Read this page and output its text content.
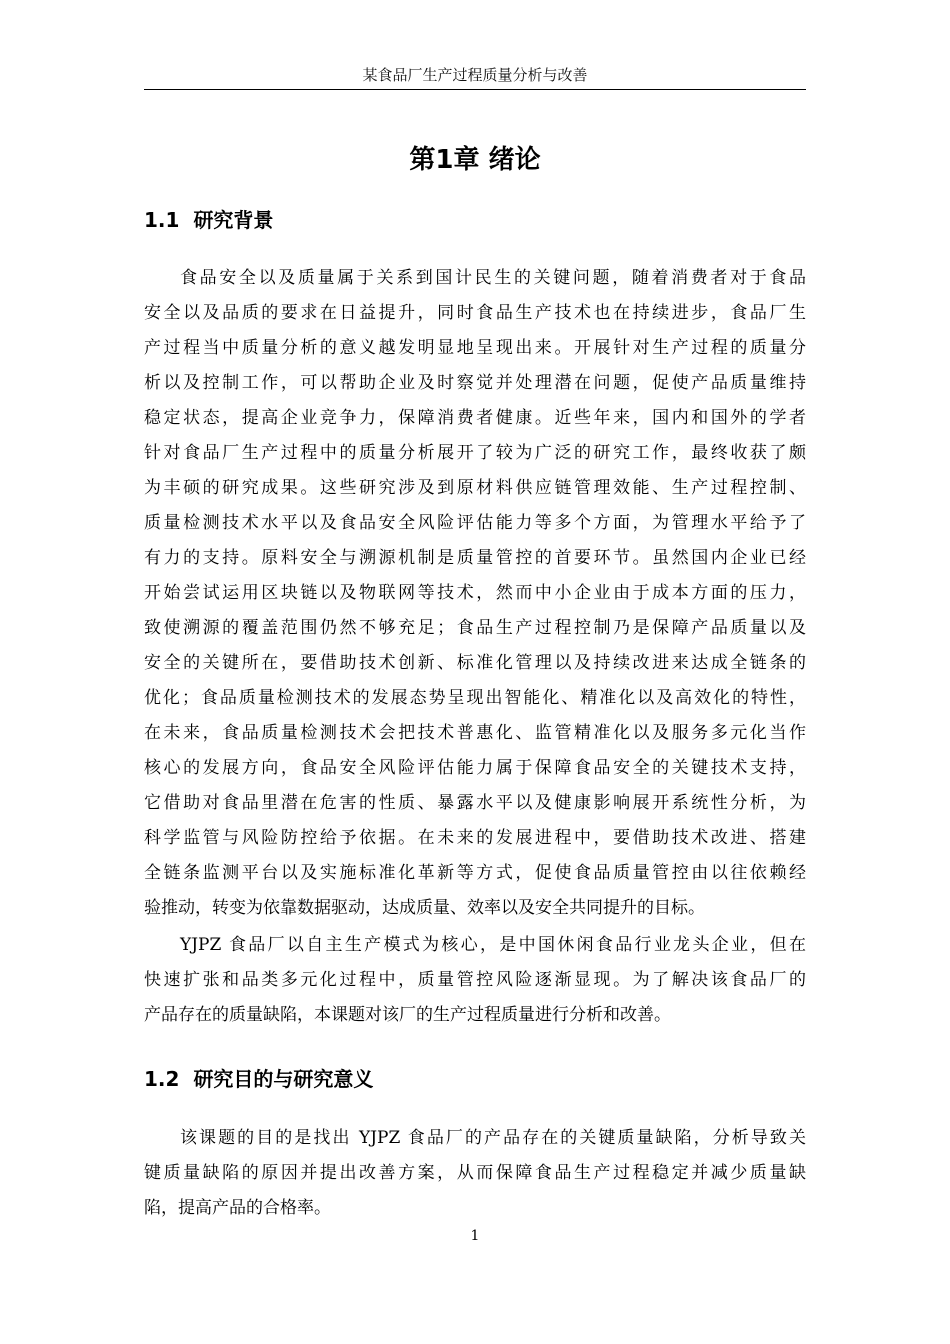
某食品厂生产过程质量分析与改善
第1章 绪论
1.1 研究背景
食品安全以及质量属于关系到国计民生的关键问题，随着消费者对于食品
安全以及品质的要求在日益提升，同时食品生产技术也在持续进步，食品厂生
产过程当中质量分析的意义越发明显地呈现出来。开展针对生产过程的质量分
析以及控制工作，可以帮助企业及时察觉并处理潜在问题，促使产品质量维持
稳定状态，提高企业竞争力，保障消费者健康。近些年来，国内和国外的学者
针对食品厂生产过程中的质量分析展开了较为广泛的研究工作，最终收获了颇
为丰硕的研究成果。这些研究涉及到原材料供应链管理效能、生产过程控制、
质量检测技术水平以及食品安全风险评估能力等多个方面，为管理水平给予了
有力的支持。原料安全与溯源机制是质量管控的首要环节。虽然国内企业已经
开始尝试运用区块链以及物联网等技术，然而中小企业由于成本方面的压力，
致使溯源的覆盖范围仍然不够充足；食品生产过程控制乃是保障产品质量以及
安全的关键所在，要借助技术创新、标准化管理以及持续改进来达成全链条的
优化；食品质量检测技术的发展态势呈现出智能化、精准化以及高效化的特性，
在未来，食品质量检测技术会把技术普惠化、监管精准化以及服务多元化当作
核心的发展方向，食品安全风险评估能力属于保障食品安全的关键技术支持，
它借助对食品里潜在危害的性质、暴露水平以及健康影响展开系统性分析，为
科学监管与风险防控给予依据。在未来的发展进程中，要借助技术改进、搭建
全链条监测平台以及实施标准化革新等方式，促使食品质量管控由以往依赖经
验推动，转变为依靠数据驱动，达成质量、效率以及安全共同提升的目标。
YJPZ 食品厂以自主生产模式为核心，是中国休闲食品行业龙头企业，但在
快速扩张和品类多元化过程中，质量管控风险逐渐显现。为了解决该食品厂的
产品存在的质量缺陷，本课题对该厂的生产过程质量进行分析和改善。
1.2 研究目的与研究意义
该课题的目的是找出 YJPZ 食品厂的产品存在的关键质量缺陷，分析导致关
键质量缺陷的原因并提出改善方案，从而保障食品生产过程稳定并减少质量缺
陷，提高产品的合格率。
1
